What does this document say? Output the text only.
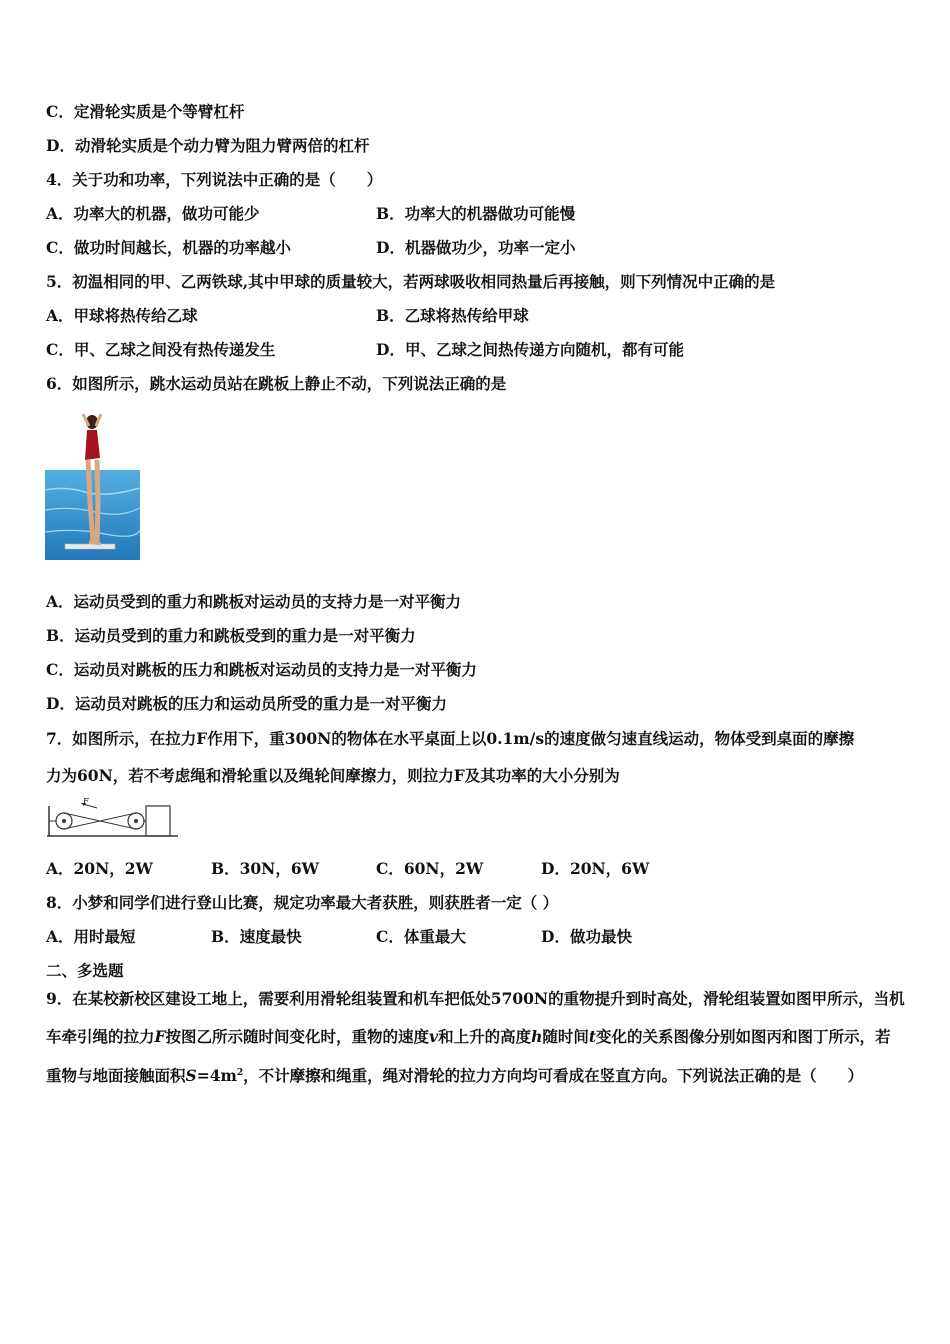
C．定滑轮实质是个等臂杠杆
D．动滑轮实质是个动力臂为阻力臂两倍的杠杆
4．关于功和功率，下列说法中正确的是（　　）
A．功率大的机器，做功可能少	B．功率大的机器做功可能慢
C．做功时间越长，机器的功率越小	D．机器做功少，功率一定小
5．初温相同的甲、乙两铁球,其中甲球的质量较大，若两球吸收相同热量后再接触，则下列情况中正确的是
A．甲球将热传给乙球	B．乙球将热传给甲球
C．甲、乙球之间没有热传递发生	D．甲、乙球之间热传递方向随机，都有可能
6．如图所示，跳水运动员站在跳板上静止不动，下列说法正确的是
A．运动员受到的重力和跳板对运动员的支持力是一对平衡力
B．运动员受到的重力和跳板受到的重力是一对平衡力
C．运动员对跳板的压力和跳板对运动员的支持力是一对平衡力
D．运动员对跳板的压力和运动员所受的重力是一对平衡力
7．如图所示，在拉力F作用下，重300N的物体在水平桌面上以0.1m/s的速度做匀速直线运动，物体受到桌面的摩擦
力为60N，若不考虑绳和滑轮重以及绳轮间摩擦力，则拉力F及其功率的大小分别为
F
A．20N，2W	B．30N，6W	C．60N，2W	D．20N，6W
8．小梦和同学们进行登山比赛，规定功率最大者获胜，则获胜者一定（ ）
A．用时最短	B．速度最快	C．体重最大	D．做功最快
二、多选题
9．在某校新校区建设工地上，需要利用滑轮组装置和机车把低处5700N的重物提升到时高处，滑轮组装置如图甲所示，当机车牵引绳的拉力F按图乙所示随时间变化时，重物的速度v和上升的高度h随时间t变化的关系图像分别如图丙和图丁所示，若重物与地面接触面积$S=4m^2$，不计摩擦和绳重，绳对滑轮的拉力方向均可看成在竖直方向。下列说法正确的是（　　）
